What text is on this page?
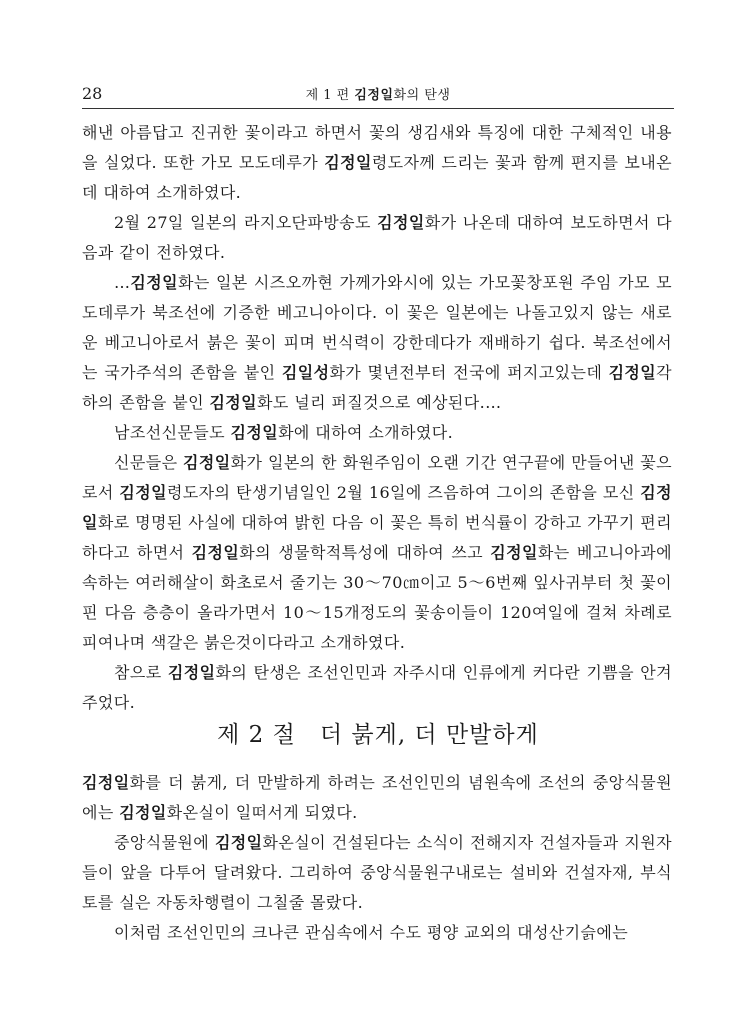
28	제 1 편 김정일화의 탄생

해낸 아름답고 진귀한 꽃이라고 하면서 꽃의 생김새와 특징에 대한 구체적인 내용을 실었다. 또한 가모 모도데루가 김정일령도자께 드리는 꽃과 함께 편지를 보내온데 대하여 소개하였다.

2월 27일 일본의 라지오단파방송도 김정일화가 나온데 대하여 보도하면서 다음과 같이 전하였다.

…김정일화는 일본 시즈오까현 가께가와시에 있는 가모꽃창포원 주임 가모 모도데루가 북조선에 기증한 베고니아이다. 이 꽃은 일본에는 나돌고있지 않는 새로운 베고니아로서 붉은 꽃이 피며 번식력이 강한데다가 재배하기 쉽다. 북조선에서는 국가주석의 존함을 붙인 김일성화가 몇년전부터 전국에 퍼지고있는데 김정일각하의 존함을 붙인 김정일화도 널리 퍼질것으로 예상된다.…

남조선신문들도 김정일화에 대하여 소개하였다.

신문들은 김정일화가 일본의 한 화원주임이 오랜 기간 연구끝에 만들어낸 꽃으로서 김정일령도자의 탄생기념일인 2월 16일에 즈음하여 그이의 존함을 모신 김정일화로 명명된 사실에 대하여 밝힌 다음 이 꽃은 특히 번식률이 강하고 가꾸기 편리하다고 하면서 김정일화의 생물학적특성에 대하여 쓰고 김정일화는 베고니아과에 속하는 여러해살이 화초로서 줄기는 30～70㎝이고 5～6번째 잎사귀부터 첫 꽃이 핀 다음 층층이 올라가면서 10～15개정도의 꽃송이들이 120여일에 걸쳐 차례로 피여나며 색갈은 붉은것이다라고 소개하였다.

참으로 김정일화의 탄생은 조선인민과 자주시대 인류에게 커다란 기쁨을 안겨주었다.

제 2 절　더 붉게, 더 만발하게

김정일화를 더 붉게, 더 만발하게 하려는 조선인민의 념원속에 조선의 중앙식물원에는 김정일화온실이 일떠서게 되였다.

중앙식물원에 김정일화온실이 건설된다는 소식이 전해지자 건설자들과 지원자들이 앞을 다투어 달려왔다. 그리하여 중앙식물원구내로는 설비와 건설자재, 부식토를 실은 자동차행렬이 그칠줄 몰랐다.

이처럼 조선인민의 크나큰 관심속에서 수도 평양 교외의 대성산기슭에는
